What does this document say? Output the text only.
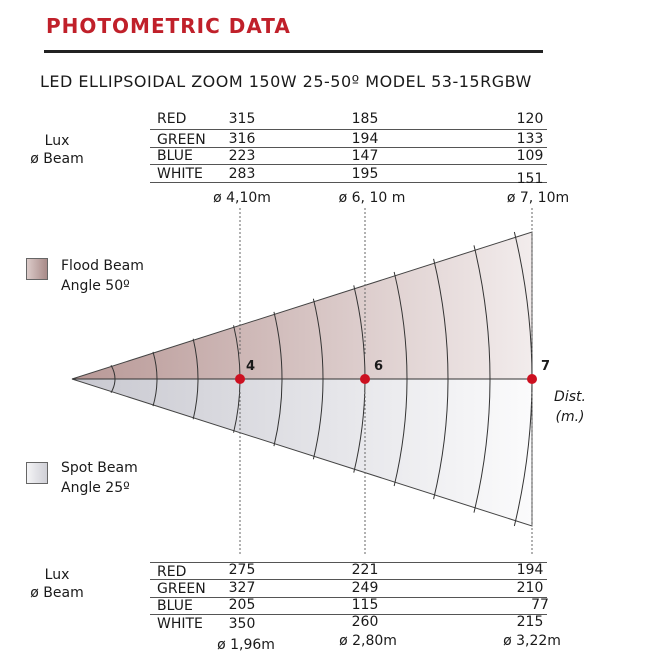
PHOTOMETRIC DATA
LED ELLIPSOIDAL ZOOM 150W 25-50º MODEL 53-15RGBW
Lux
ø Beam
RED	315	185	120
GREEN	316	194	133
BLUE	223	147	109
WHITE	283	195	151
ø 4,10m	ø 6, 10 m	ø 7, 10m
Flood Beam
Angle 50º
Spot Beam
Angle 25º
4	6	7
Dist.
(m.)
Lux
ø Beam
RED	275	221	194
GREEN	327	249	210
BLUE	205	115	77
WHITE	350	260	215
ø 1,96m	ø 2,80m	ø 3,22m
